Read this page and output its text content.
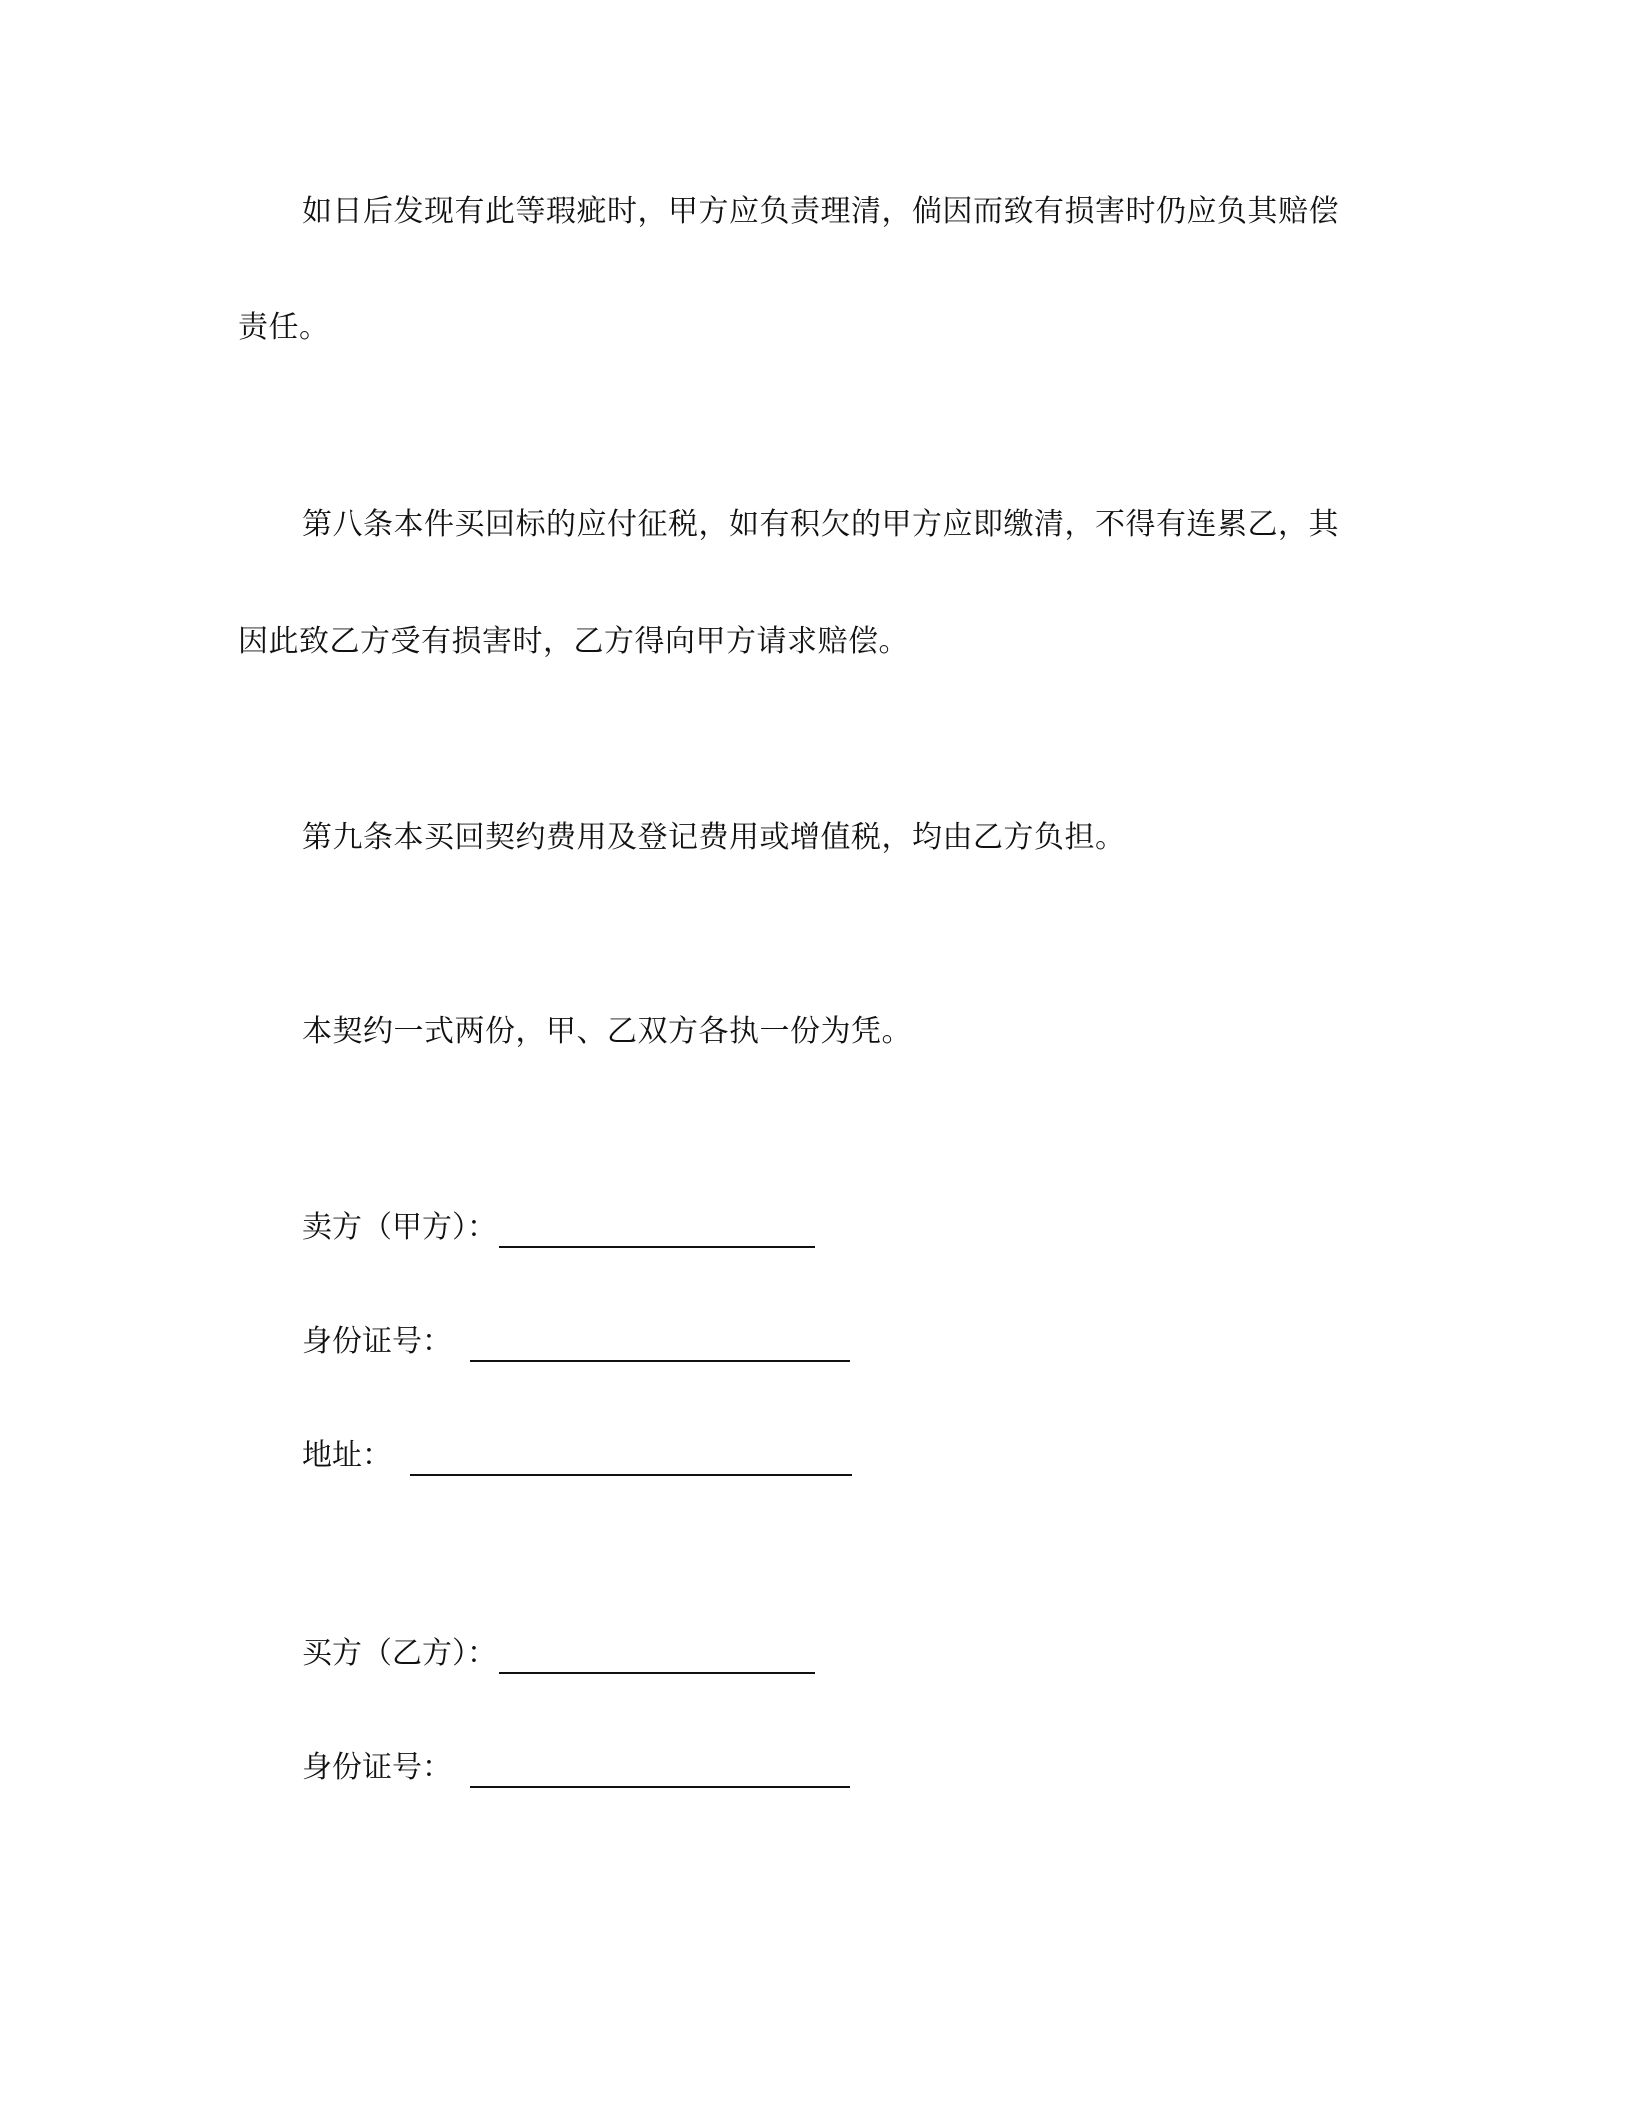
如日后发现有此等瑕疵时，甲方应负责理清，倘因而致有损害时仍应负其赔偿
责任。
第八条本件买回标的应付征税，如有积欠的甲方应即缴清，不得有连累乙，其
因此致乙方受有损害时，乙方得向甲方请求赔偿。
第九条本买回契约费用及登记费用或增值税，均由乙方负担。
本契约一式两份，甲、乙双方各执一份为凭。
卖方（甲方）：
身份证号：
地址：
买方（乙方）：
身份证号：
